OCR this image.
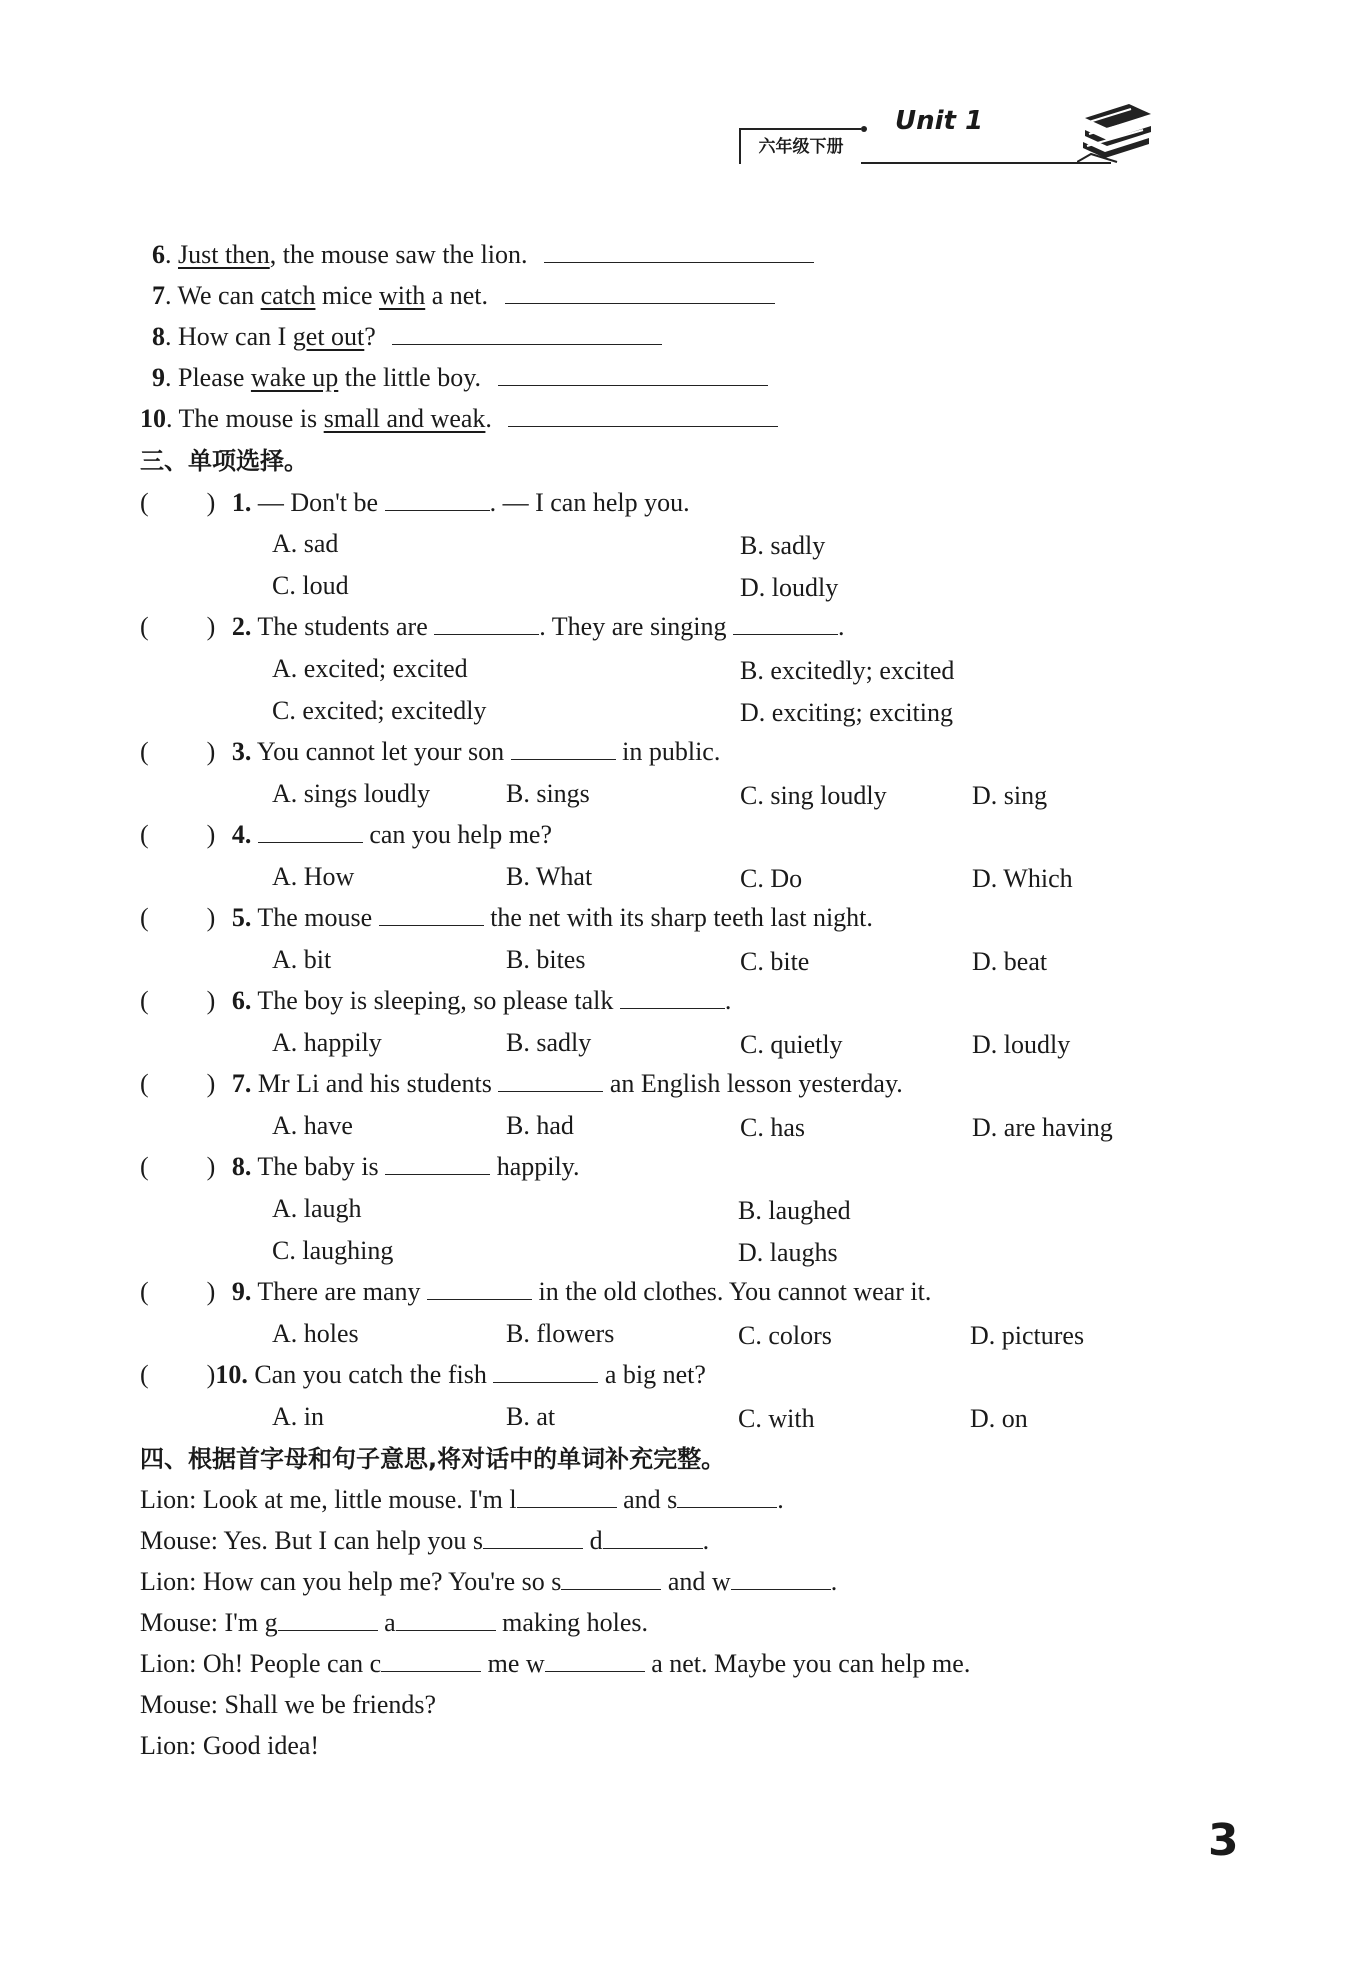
六年级下册
Unit 1
6. Just then, the mouse saw the lion.
7. We can catch mice with a net.
8. How can I get out?
9. Please wake up the little boy.
10. The mouse is small and weak.
三、单项选择。
( ) 1. — Don't be	. — I can help you.
A. sad	B. sadly
C. loud	D. loudly
( ) 2. The students are	. They are singing	.
A. excited; excited	B. excitedly; excited
C. excited; excitedly	D. exciting; exciting
( ) 3. You cannot let your son	in public.
A. sings loudly	B. sings	C. sing loudly	D. sing
( ) 4.	can you help me?
A. How	B. What	C. Do	D. Which
( ) 5. The mouse	the net with its sharp teeth last night.
A. bit	B. bites	C. bite	D. beat
( ) 6. The boy is sleeping, so please talk	.
A. happily	B. sadly	C. quietly	D. loudly
( ) 7. Mr Li and his students	an English lesson yesterday.
A. have	B. had	C. has	D. are having
( ) 8. The baby is	happily.
A. laugh	B. laughed
C. laughing	D. laughs
( ) 9. There are many	in the old clothes. You cannot wear it.
A. holes	B. flowers	C. colors	D. pictures
( )10. Can you catch the fish	a big net?
A. in	B. at	C. with	D. on
四、根据首字母和句子意思,将对话中的单词补充完整。
Lion: Look at me, little mouse. I'm l	and s	.
Mouse: Yes. But I can help you s	d	.
Lion: How can you help me? You're so s	and w	.
Mouse: I'm g	a	making holes.
Lion: Oh! People can c	me w	a net. Maybe you can help me.
Mouse: Shall we be friends?
Lion: Good idea!
3
